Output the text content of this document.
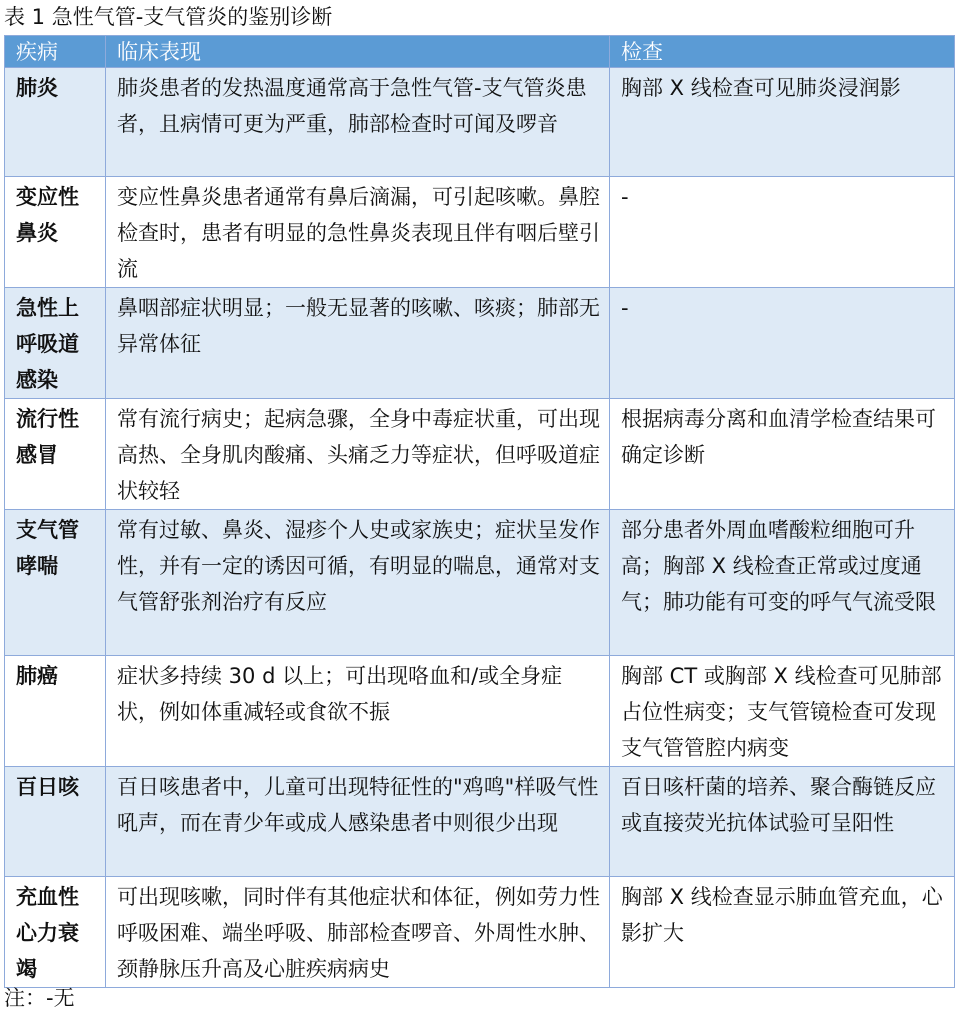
表 1 急性气管-支气管炎的鉴别诊断
疾病	临床表现	检查
肺炎	肺炎患者的发热温度通常高于急性气管-支气管炎患者，且病情可更为严重，肺部检查时可闻及啰音	胸部 X 线检查可见肺炎浸润影
变应性鼻炎	变应性鼻炎患者通常有鼻后滴漏，可引起咳嗽。鼻腔检查时，患者有明显的急性鼻炎表现且伴有咽后壁引流	-
急性上呼吸道感染	鼻咽部症状明显；一般无显著的咳嗽、咳痰；肺部无异常体征	-
流行性感冒	常有流行病史；起病急骤，全身中毒症状重，可出现高热、全身肌肉酸痛、头痛乏力等症状，但呼吸道症状较轻	根据病毒分离和血清学检查结果可确定诊断
支气管哮喘	常有过敏、鼻炎、湿疹个人史或家族史；症状呈发作性，并有一定的诱因可循，有明显的喘息，通常对支气管舒张剂治疗有反应	部分患者外周血嗜酸粒细胞可升高；胸部 X 线检查正常或过度通气；肺功能有可变的呼气气流受限
肺癌	症状多持续 30 d 以上；可出现咯血和/或全身症状，例如体重减轻或食欲不振	胸部 CT 或胸部 X 线检查可见肺部占位性病变；支气管镜检查可发现支气管管腔内病变
百日咳	百日咳患者中，儿童可出现特征性的"鸡鸣"样吸气性吼声，而在青少年或成人感染患者中则很少出现	百日咳杆菌的培养、聚合酶链反应或直接荧光抗体试验可呈阳性
充血性心力衰竭	可出现咳嗽，同时伴有其他症状和体征，例如劳力性呼吸困难、端坐呼吸、肺部检查啰音、外周性水肿、颈静脉压升高及心脏疾病病史	胸部 X 线检查显示肺血管充血，心影扩大
注：-无
